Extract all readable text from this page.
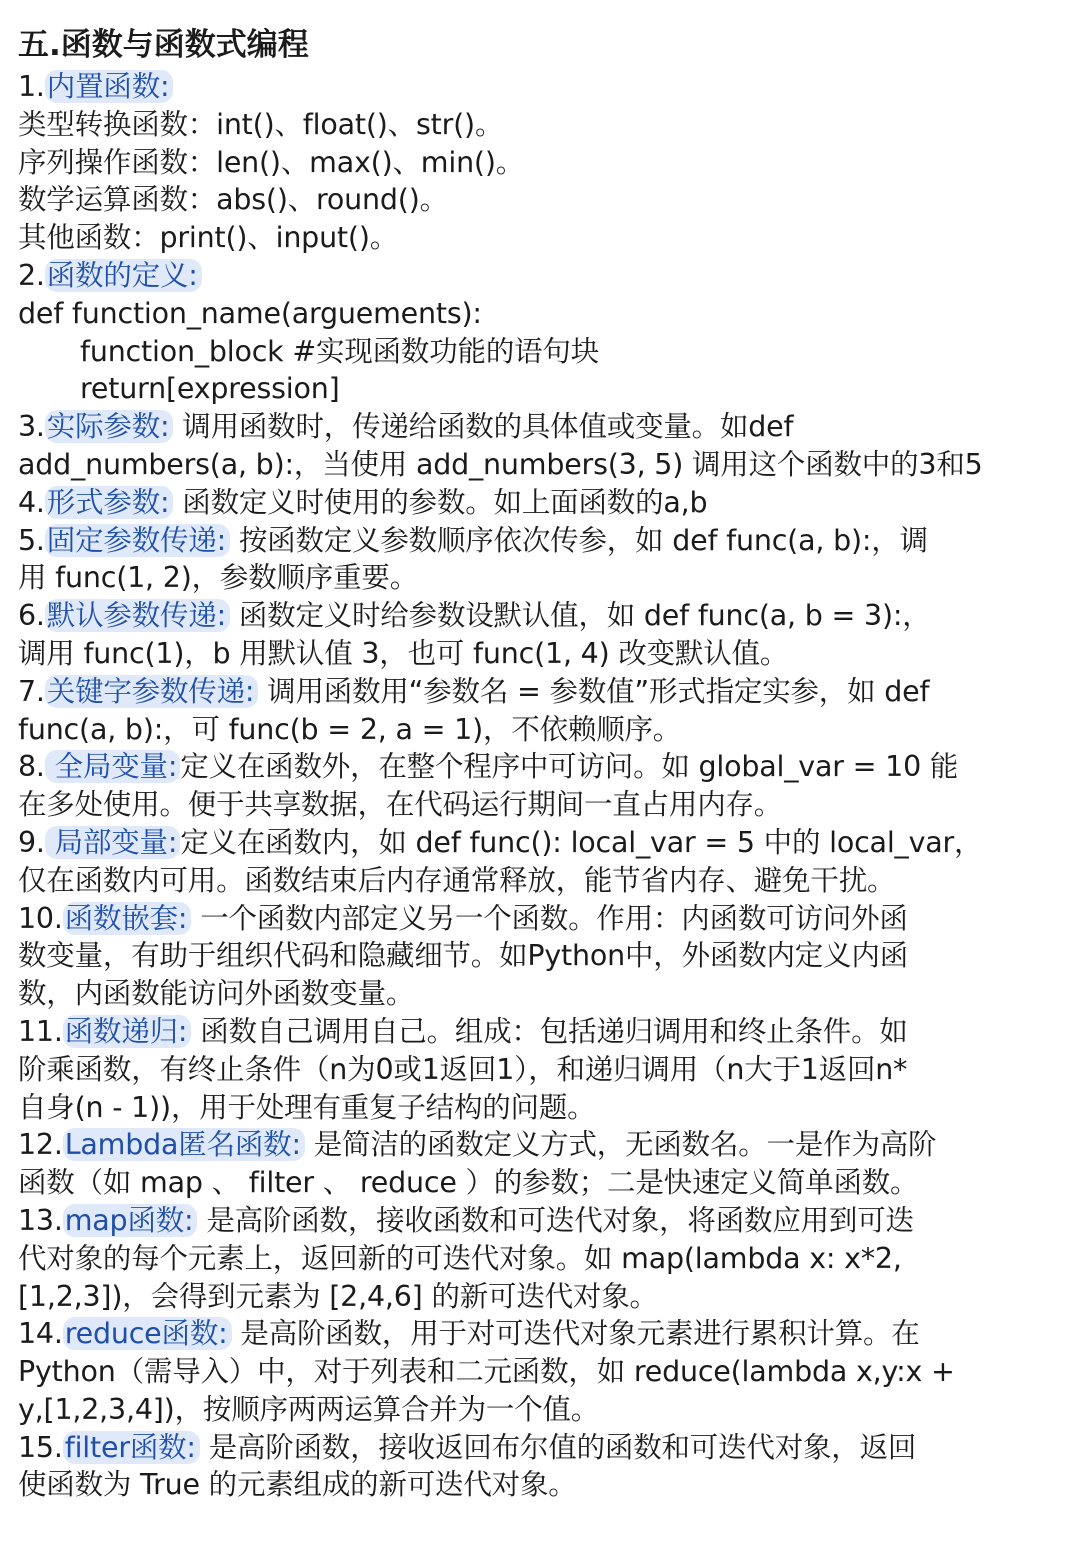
五.函数与函数式编程
1.内置函数:
类型转换函数：int()、float()、str()。
序列操作函数：len()、max()、min()。
数学运算函数：abs()、round()。
其他函数：print()、input()。
2.函数的定义:
def function_name(arguements):
function_block #实现函数功能的语句块
return[expression]
3.实际参数: 调用函数时，传递给函数的具体值或变量。如def
add_numbers(a, b):，当使用 add_numbers(3, 5) 调用这个函数中的3和5
4.形式参数: 函数定义时使用的参数。如上面函数的a,b
5.固定参数传递: 按函数定义参数顺序依次传参，如 def func(a, b):，调
用 func(1, 2)，参数顺序重要。
6.默认参数传递: 函数定义时给参数设默认值，如 def func(a, b = 3):，
调用 func(1)，b 用默认值 3，也可 func(1, 4) 改变默认值。
7.关键字参数传递: 调用函数用“参数名 = 参数值”形式指定实参，如 def
func(a, b):，可 func(b = 2, a = 1)，不依赖顺序。
8. 全局变量: 定义在函数外，在整个程序中可访问。如 global_var = 10 能
在多处使用。便于共享数据，在代码运行期间一直占用内存。
9. 局部变量: 定义在函数内，如 def func(): local_var = 5 中的 local_var，
仅在函数内可用。函数结束后内存通常释放，能节省内存、避免干扰。
10.函数嵌套: 一个函数内部定义另一个函数。作用：内函数可访问外函
数变量，有助于组织代码和隐藏细节。如Python中，外函数内定义内函
数，内函数能访问外函数变量。
11.函数递归: 函数自己调用自己。组成：包括递归调用和终止条件。如
阶乘函数，有终止条件（n为0或1返回1），和递归调用（n大于1返回n*
自身(n - 1))，用于处理有重复子结构的问题。
12.Lambda匿名函数: 是简洁的函数定义方式，无函数名。一是作为高阶
函数（如 map 、 filter 、 reduce ）的参数；二是快速定义简单函数。
13.map函数: 是高阶函数，接收函数和可迭代对象，将函数应用到可迭
代对象的每个元素上，返回新的可迭代对象。如 map(lambda x: x*2,
[1,2,3])，会得到元素为 [2,4,6] 的新可迭代对象。
14.reduce函数: 是高阶函数，用于对可迭代对象元素进行累积计算。在
Python（需导入）中，对于列表和二元函数，如 reduce(lambda x,y:x +
y,[1,2,3,4])，按顺序两两运算合并为一个值。
15.filter函数: 是高阶函数，接收返回布尔值的函数和可迭代对象，返回
使函数为 True 的元素组成的新可迭代对象。
